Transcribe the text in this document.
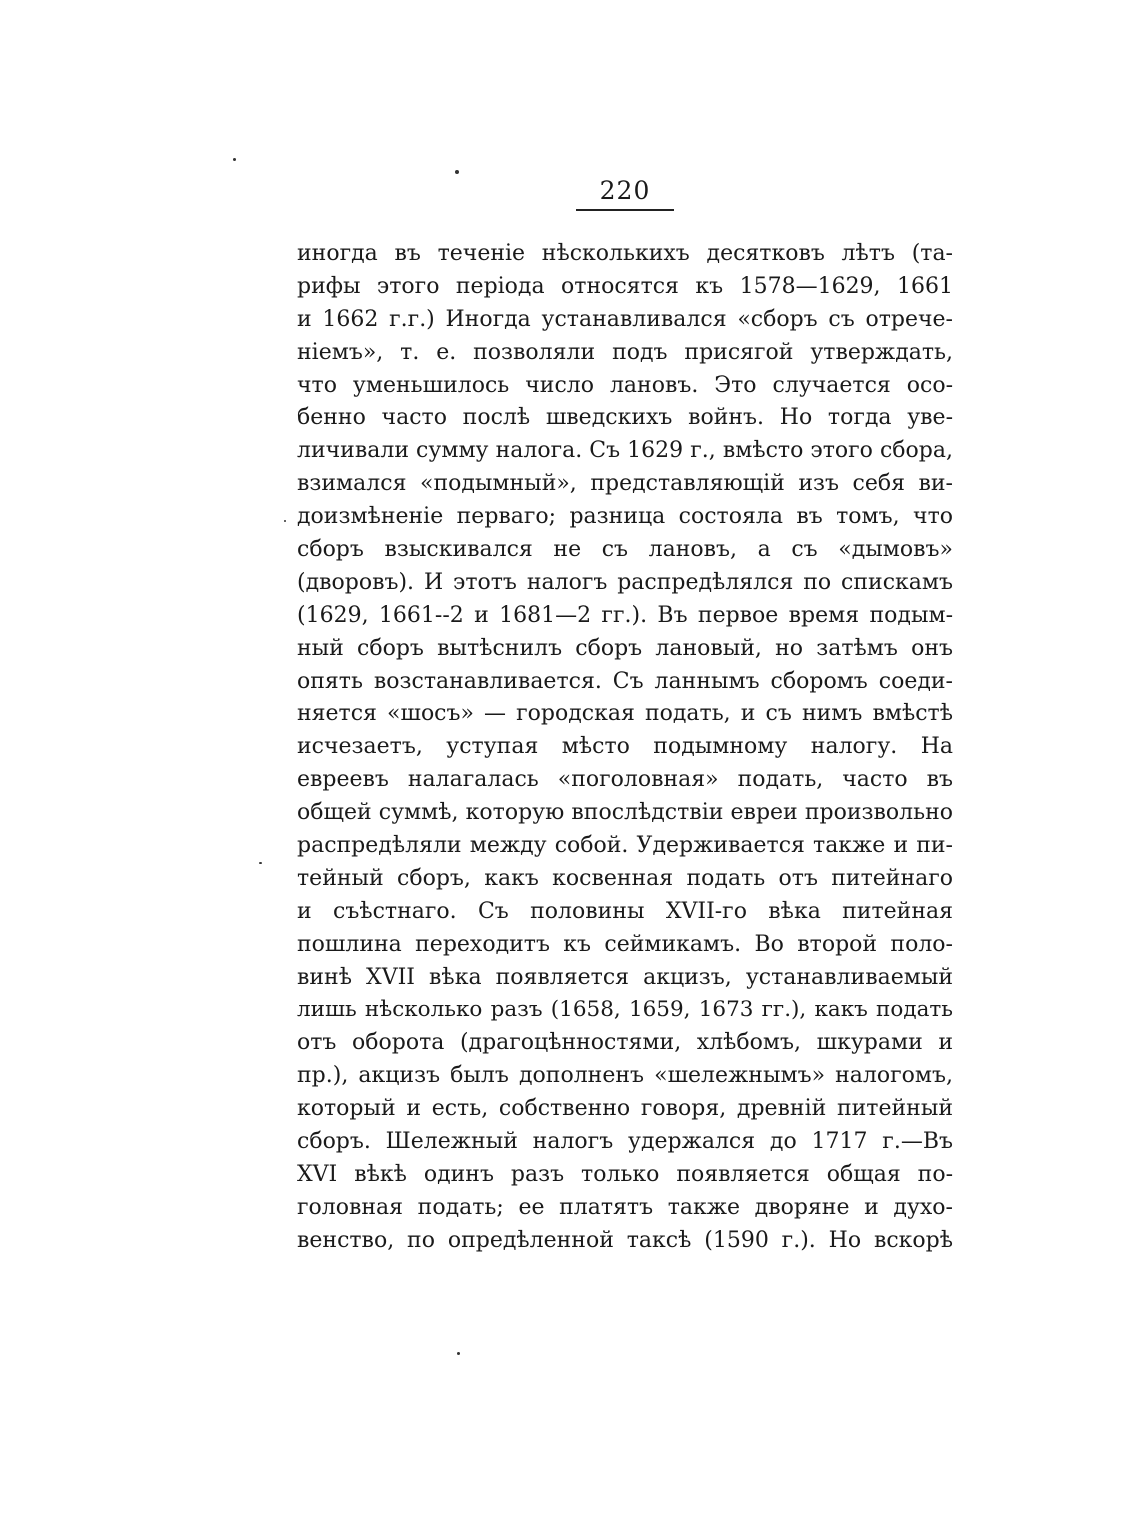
220
иногда въ теченіе нѣсколькихъ десятковъ лѣтъ (та-
рифы этого періода относятся къ 1578—1629, 1661
и 1662 г.г.) Иногда устанавливался «сборъ съ отрече-
ніемъ», т. е. позволяли подъ присягой утверждать,
что уменьшилось число лановъ. Это случается осо-
бенно часто послѣ шведскихъ войнъ. Но тогда уве-
личивали сумму налога. Съ 1629 г., вмѣсто этого сбора,
взимался «подымный», представляющій изъ себя ви-
доизмѣненіе перваго; разница состояла въ томъ, что
сборъ взыскивался не съ лановъ, а съ «дымовъ»
(дворовъ). И этотъ налогъ распредѣлялся по спискамъ
(1629, 1661--2 и 1681—2 гг.). Въ первое время подым-
ный сборъ вытѣснилъ сборъ лановый, но затѣмъ онъ
опять возстанавливается. Съ ланнымъ сборомъ соеди-
няется «шосъ» — городская подать, и съ нимъ вмѣстѣ
исчезаетъ, уступая мѣсто подымному налогу. На
евреевъ налагалась «поголовная» подать, часто въ
общей суммѣ, которую впослѣдствіи евреи произвольно
распредѣляли между собой. Удерживается также и пи-
тейный сборъ, какъ косвенная подать отъ питейнаго
и съѣстнаго. Съ половины XVII-го вѣка питейная
пошлина переходитъ къ сеймикамъ. Во второй поло-
винѣ XVII вѣка появляется акцизъ, устанавливаемый
лишь нѣсколько разъ (1658, 1659, 1673 гг.), какъ подать
отъ оборота (драгоцѣнностями, хлѣбомъ, шкурами и
пр.), акцизъ былъ дополненъ «шележнымъ» налогомъ,
который и есть, собственно говоря, древній питейный
сборъ. Шележный налогъ удержался до 1717 г.—Въ
XVI вѣкѣ одинъ разъ только появляется общая по-
головная подать; ее платятъ также дворяне и духо-
венство, по опредѣленной таксѣ (1590 г.). Но вскорѣ
